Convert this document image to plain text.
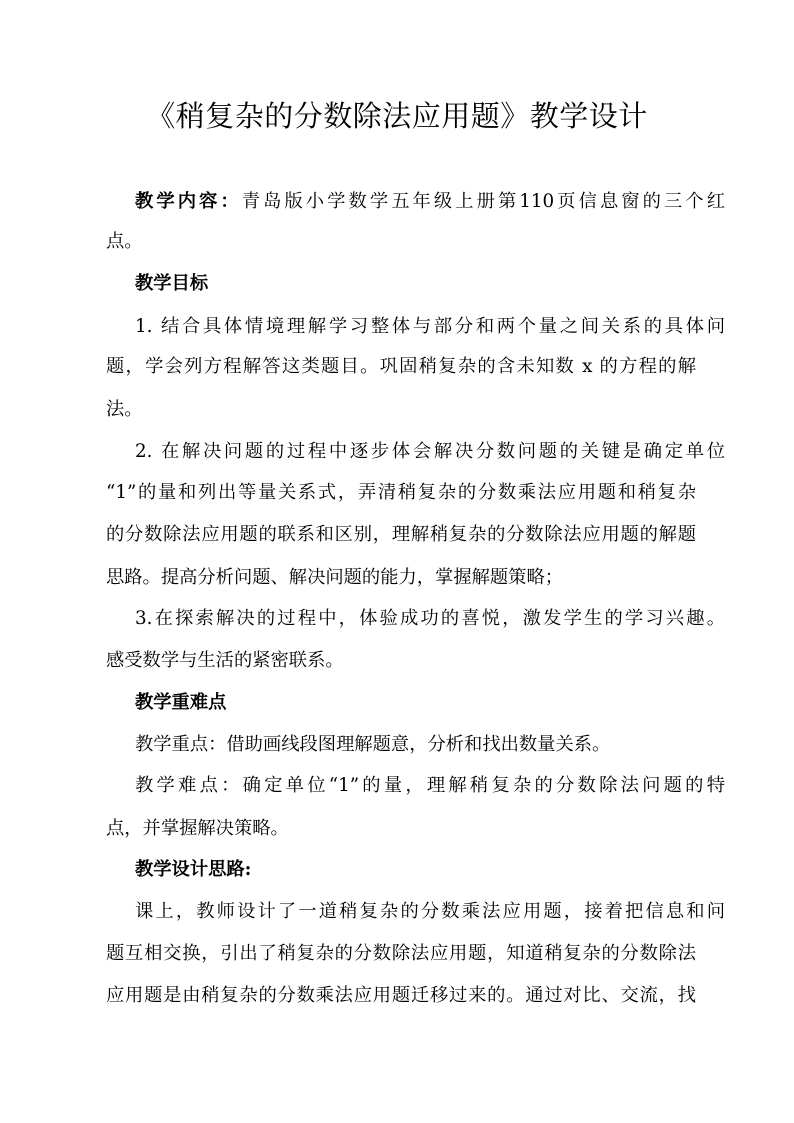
《稍复杂的分数除法应用题》教学设计
教学内容：青岛版小学数学五年级上册第110页信息窗的三个红
点。
教学目标
1. 结合具体情境理解学习整体与部分和两个量之间关系的具体问
题，学会列方程解答这类题目。巩固稍复杂的含未知数 x 的方程的解
法。
2. 在解决问题的过程中逐步体会解决分数问题的关键是确定单位
“1”的量和列出等量关系式，弄清稍复杂的分数乘法应用题和稍复杂
的分数除法应用题的联系和区别，理解稍复杂的分数除法应用题的解题
思路。提高分析问题、解决问题的能力，掌握解题策略；
3.在探索解决的过程中，体验成功的喜悦，激发学生的学习兴趣。
感受数学与生活的紧密联系。
教学重难点
教学重点：借助画线段图理解题意，分析和找出数量关系。
教学难点：确定单位“1”的量，理解稍复杂的分数除法问题的特
点，并掌握解决策略。
教学设计思路:
课上，教师设计了一道稍复杂的分数乘法应用题，接着把信息和问
题互相交换，引出了稍复杂的分数除法应用题，知道稍复杂的分数除法
应用题是由稍复杂的分数乘法应用题迁移过来的。通过对比、交流，找
